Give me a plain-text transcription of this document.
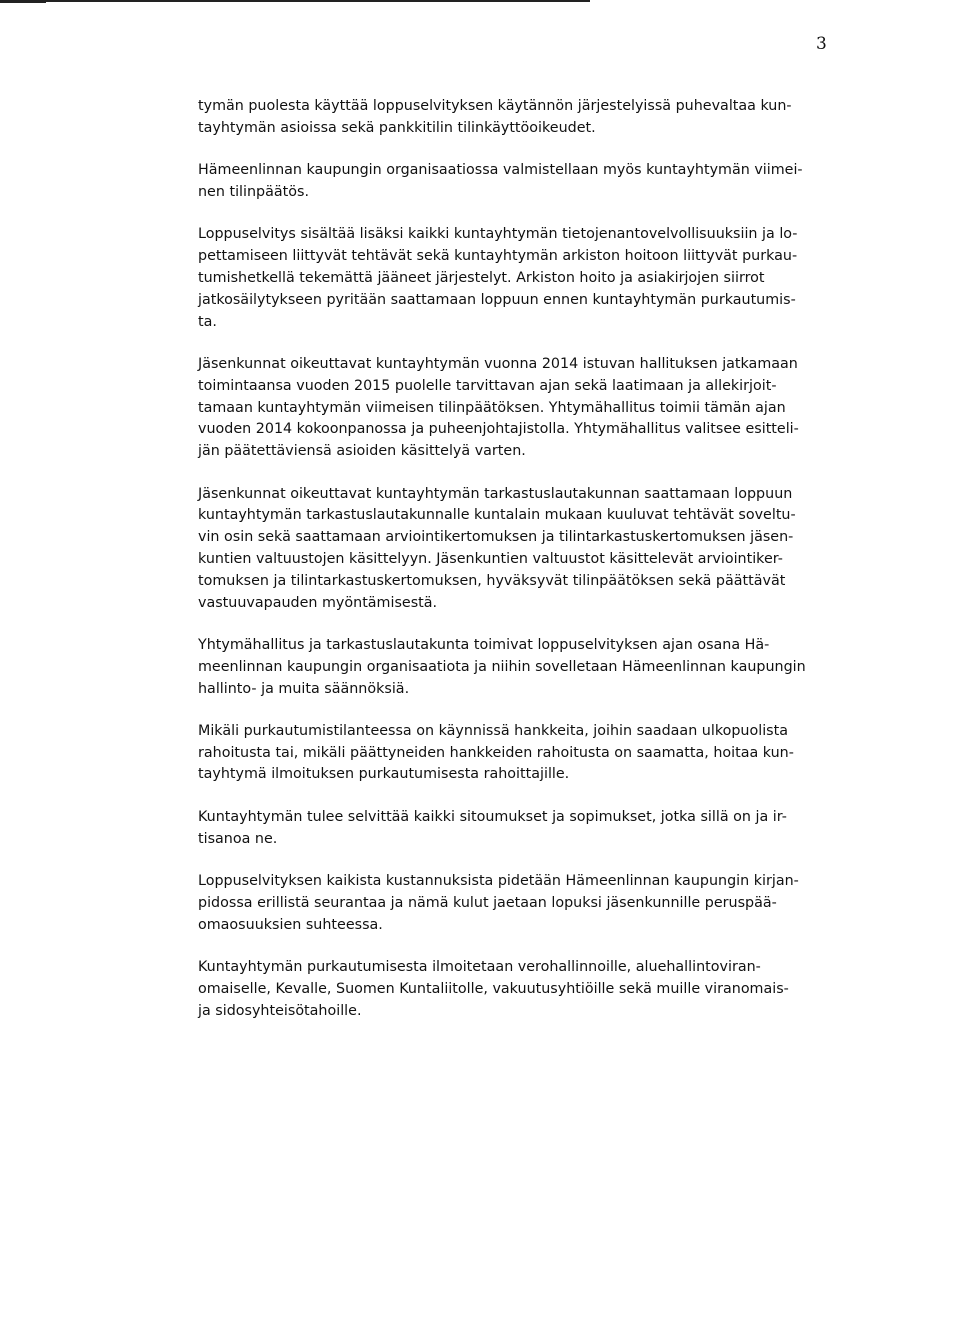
3

tymän puolesta käyttää loppuselvityksen käytännön järjestelyissä puhevaltaa kun-
tayhtymän asioissa sekä pankkitilin tilinkäyttöoikeudet.

Hämeenlinnan kaupungin organisaatiossa valmistellaan myös kuntayhtymän viimei-
nen tilinpäätös.

Loppuselvitys sisältää lisäksi kaikki kuntayhtymän tietojenantovelvollisuuksiin ja lo-
pettamiseen liittyvät tehtävät sekä kuntayhtymän arkiston hoitoon liittyvät purkau-
tumishetkellä tekemättä jääneet järjestelyt. Arkiston hoito ja asiakirjojen siirrot
jatkosäilytykseen pyritään saattamaan loppuun ennen kuntayhtymän purkautumis-
ta.

Jäsenkunnat oikeuttavat kuntayhtymän vuonna 2014 istuvan hallituksen jatkamaan
toimintaansa vuoden 2015 puolelle tarvittavan ajan sekä laatimaan ja allekirjoit-
tamaan kuntayhtymän viimeisen tilinpäätöksen. Yhtymähallitus toimii tämän ajan
vuoden 2014 kokoonpanossa ja puheenjohtajistolla. Yhtymähallitus valitsee esitteli-
jän päätettäviensä asioiden käsittelyä varten.

Jäsenkunnat oikeuttavat kuntayhtymän tarkastuslautakunnan saattamaan loppuun
kuntayhtymän tarkastuslautakunnalle kuntalain mukaan kuuluvat tehtävät soveltu-
vin osin sekä saattamaan arviointikertomuksen ja tilintarkastuskertomuksen jäsen-
kuntien valtuustojen käsittelyyn. Jäsenkuntien valtuustot käsittelevät arviointiker-
tomuksen ja tilintarkastuskertomuksen, hyväksyvät tilinpäätöksen sekä päättävät
vastuuvapauden myöntämisestä.

Yhtymähallitus ja tarkastuslautakunta toimivat loppuselvityksen ajan osana Hä-
meenlinnan kaupungin organisaatiota ja niihin sovelletaan Hämeenlinnan kaupungin
hallinto- ja muita säännöksiä.

Mikäli purkautumistilanteessa on käynnissä hankkeita, joihin saadaan ulkopuolista
rahoitusta tai, mikäli päättyneiden hankkeiden rahoitusta on saamatta, hoitaa kun-
tayhtymä ilmoituksen purkautumisesta rahoittajille.

Kuntayhtymän tulee selvittää kaikki sitoumukset ja sopimukset, jotka sillä on ja ir-
tisanoa ne.

Loppuselvityksen kaikista kustannuksista pidetään Hämeenlinnan kaupungin kirjan-
pidossa erillistä seurantaa ja nämä kulut jaetaan lopuksi jäsenkunnille peruspää-
omaosuuksien suhteessa.

Kuntayhtymän purkautumisesta ilmoitetaan verohallinnoille, aluehallintoviran-
omaiselle, Kevalle, Suomen Kuntaliitolle, vakuutusyhtiöille sekä muille viranomais-
ja sidosyhteisötahoille.
